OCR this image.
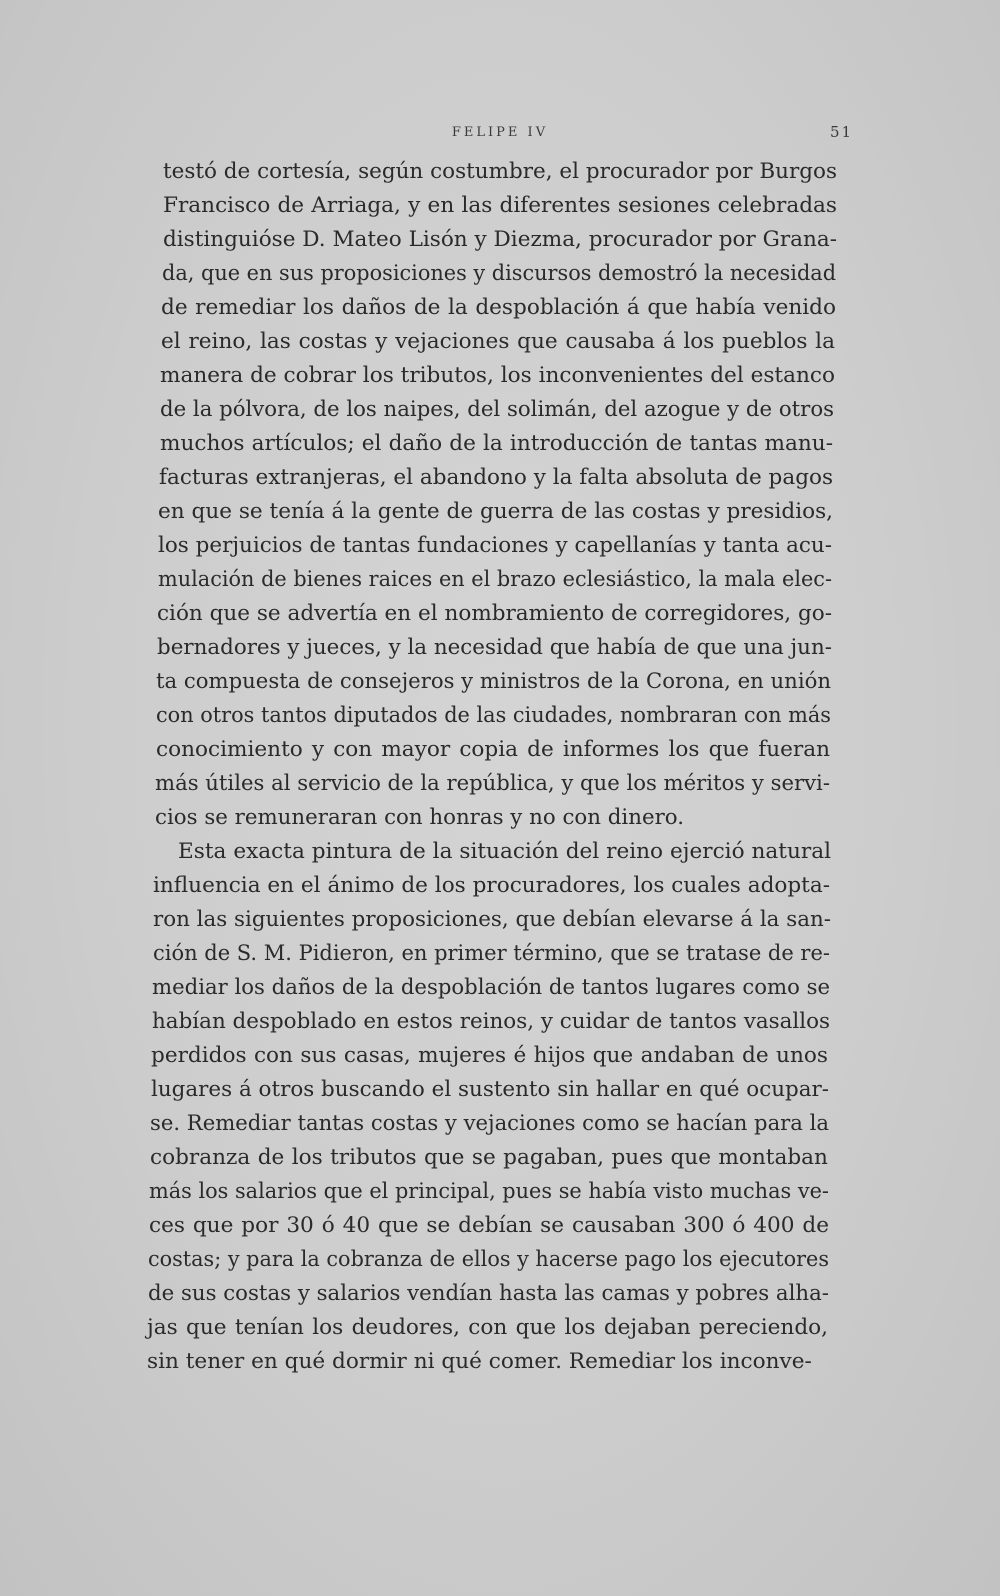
FELIPE IV	51
testó de cortesía, según costumbre, el procurador por Burgos
Francisco de Arriaga, y en las diferentes sesiones celebradas
distinguióse D. Mateo Lisón y Diezma, procurador por Grana-
da, que en sus proposiciones y discursos demostró la necesidad
de remediar los daños de la despoblación á que había venido
el reino, las costas y vejaciones que causaba á los pueblos la
manera de cobrar los tributos, los inconvenientes del estanco
de la pólvora, de los naipes, del solimán, del azogue y de otros
muchos artículos; el daño de la introducción de tantas manu-
facturas extranjeras, el abandono y la falta absoluta de pagos
en que se tenía á la gente de guerra de las costas y presidios,
los perjuicios de tantas fundaciones y capellanías y tanta acu-
mulación de bienes raices en el brazo eclesiástico, la mala elec-
ción que se advertía en el nombramiento de corregidores, go-
bernadores y jueces, y la necesidad que había de que una jun-
ta compuesta de consejeros y ministros de la Corona, en unión
con otros tantos diputados de las ciudades, nombraran con más
conocimiento y con mayor copia de informes los que fueran
más útiles al servicio de la república, y que los méritos y servi-
cios se remuneraran con honras y no con dinero.
Esta exacta pintura de la situación del reino ejerció natural
influencia en el ánimo de los procuradores, los cuales adopta-
ron las siguientes proposiciones, que debían elevarse á la san-
ción de S. M. Pidieron, en primer término, que se tratase de re-
mediar los daños de la despoblación de tantos lugares como se
habían despoblado en estos reinos, y cuidar de tantos vasallos
perdidos con sus casas, mujeres é hijos que andaban de unos
lugares á otros buscando el sustento sin hallar en qué ocupar-
se. Remediar tantas costas y vejaciones como se hacían para la
cobranza de los tributos que se pagaban, pues que montaban
más los salarios que el principal, pues se había visto muchas ve-
ces que por 30 ó 40 que se debían se causaban 300 ó 400 de
costas; y para la cobranza de ellos y hacerse pago los ejecutores
de sus costas y salarios vendían hasta las camas y pobres alha-
jas que tenían los deudores, con que los dejaban pereciendo,
sin tener en qué dormir ni qué comer. Remediar los inconve-
